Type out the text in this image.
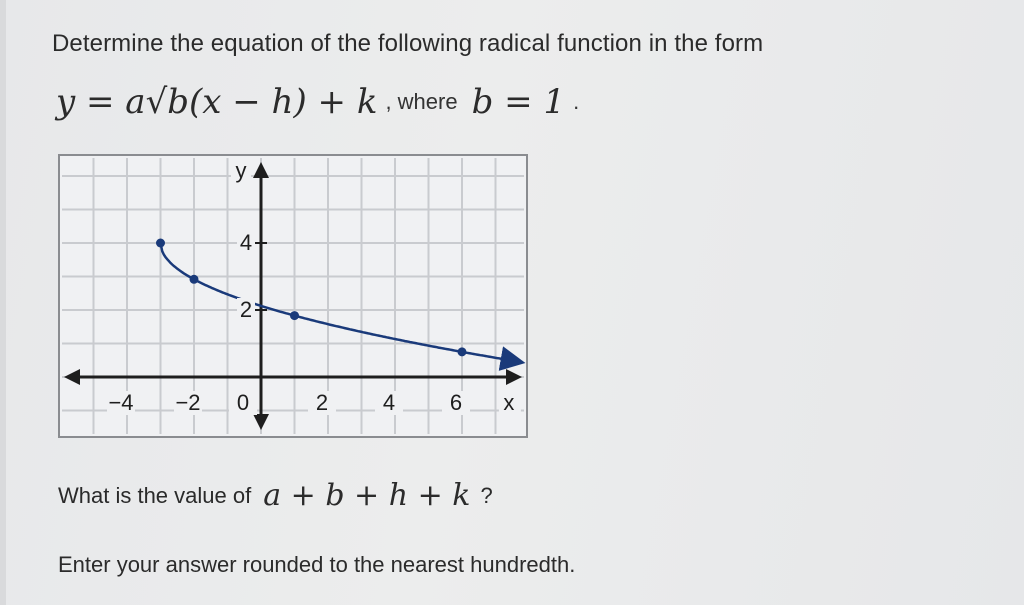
Determine the equation of the following radical function in the form
y = a√b(x − h) + k , where b = 1 .
−4 −2 0	2 4 6 x
4
2
y
What is the value of a + b + h + k ?
Enter your answer rounded to the nearest hundredth.
